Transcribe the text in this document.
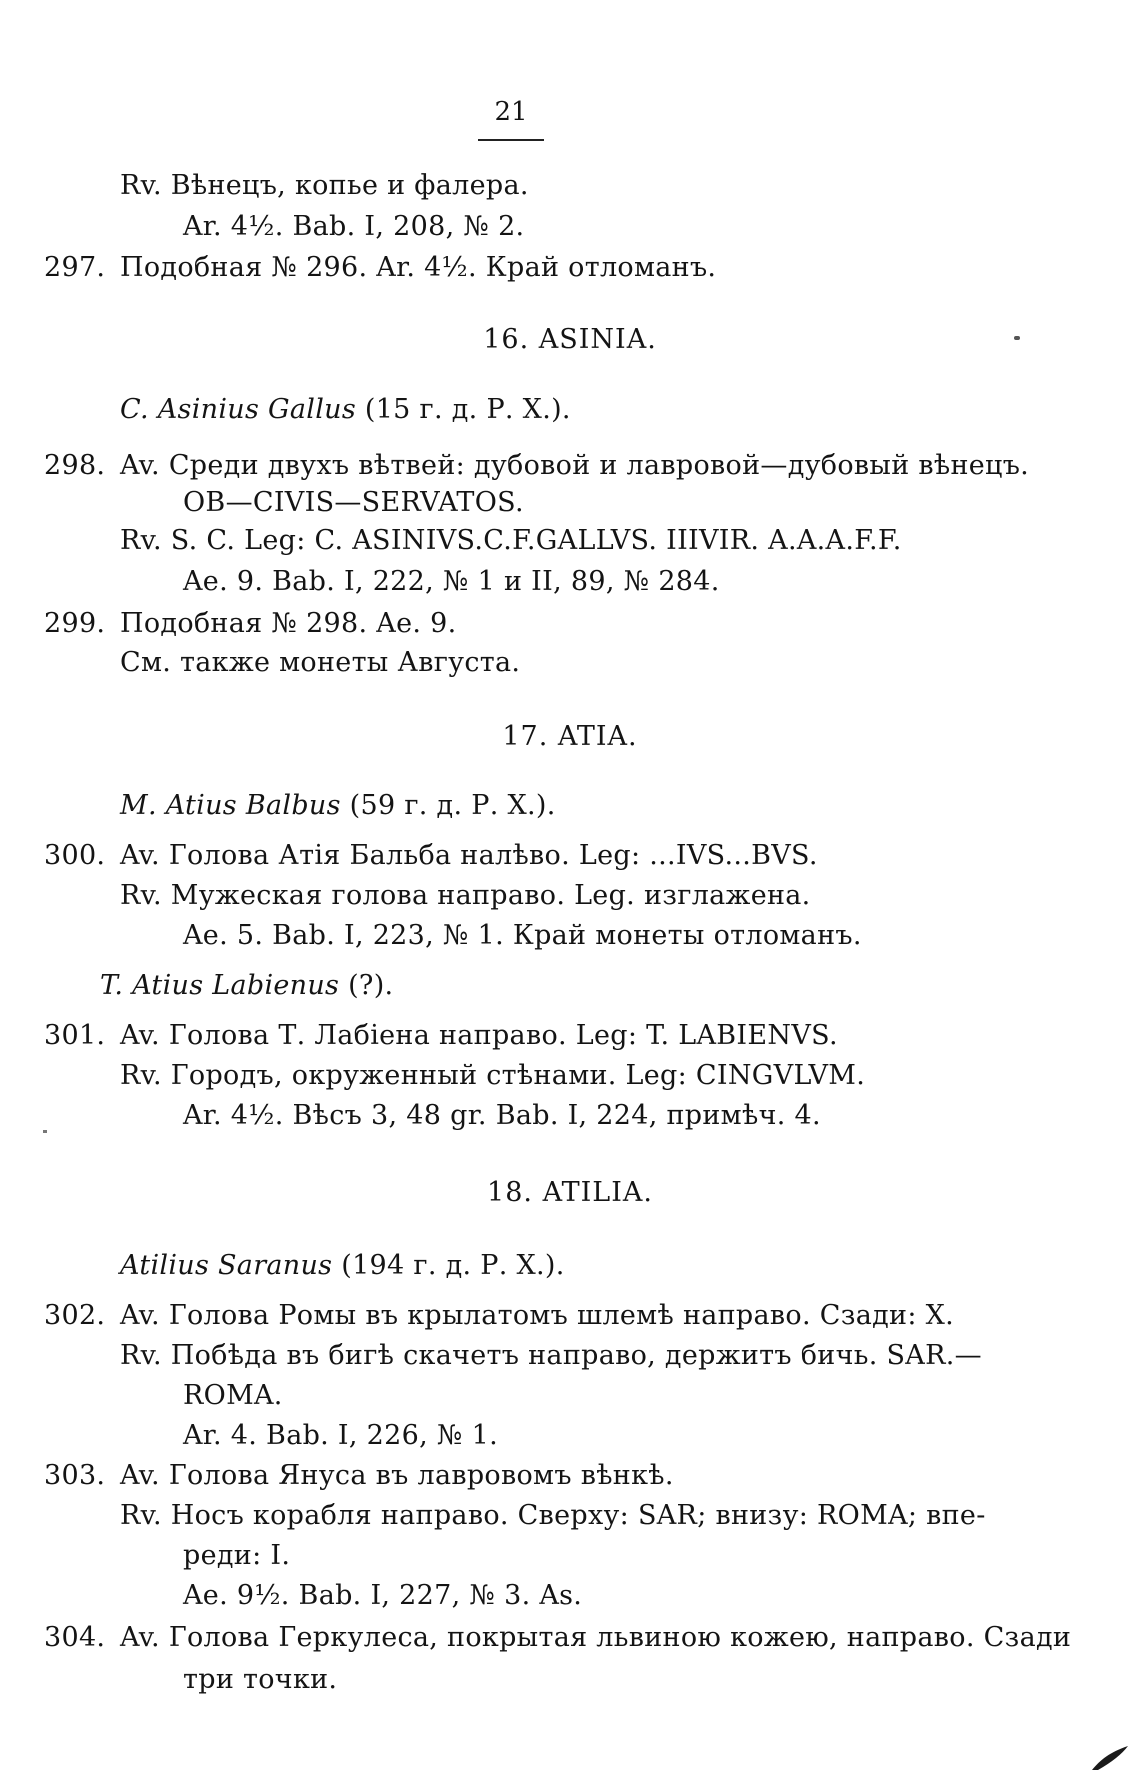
21
Rv. Вѣнецъ, копье и фалера.
Ar. 4½. Bab. I, 208, № 2.
297. Подобная № 296. Ar. 4½. Край отломанъ.
16. ASINIA.
C. Asinius Gallus (15 г. д. Р. Х.).
298. Av. Среди двухъ вѣтвей: дубовой и лавровой—дубовый вѣнецъ.
OB—CIVIS—SERVATOS.
Rv. S. C. Leg: C. ASINIVS.C.F.GALLVS. IIIVIR. A.A.A.F.F.
Ae. 9. Bab. I, 222, № 1 и II, 89, № 284.
299. Подобная № 298. Ae. 9.
См. также монеты Августа.
17. ATIA.
M. Atius Balbus (59 г. д. Р. Х.).
300. Av. Голова Атія Бальба налѣво. Leg: ...IVS...BVS.
Rv. Мужеская голова направо. Leg. изглажена.
Ae. 5. Bab. I, 223, № 1. Край монеты отломанъ.
T. Atius Labienus (?).
301. Av. Голова Т. Лабіена направо. Leg: T. LABIENVS.
Rv. Городъ, окруженный стѣнами. Leg: CINGVLVM.
Ar. 4½. Вѣсъ 3, 48 gr. Bab. I, 224, примѣч. 4.
18. ATILIA.
Atilius Saranus (194 г. д. Р. Х.).
302. Av. Голова Ромы въ крылатомъ шлемѣ направо. Сзади: X.
Rv. Побѣда въ бигѣ скачетъ направо, держитъ бичь. SAR.—
ROMA.
Ar. 4. Bab. I, 226, № 1.
303. Av. Голова Януса въ лавровомъ вѣнкѣ.
Rv. Носъ корабля направо. Сверху: SAR; внизу: ROMA; впе-
реди: I.
Ae. 9½. Bab. I, 227, № 3. As.
304. Av. Голова Геркулеса, покрытая львиною кожею, направо. Сзади
три точки.
